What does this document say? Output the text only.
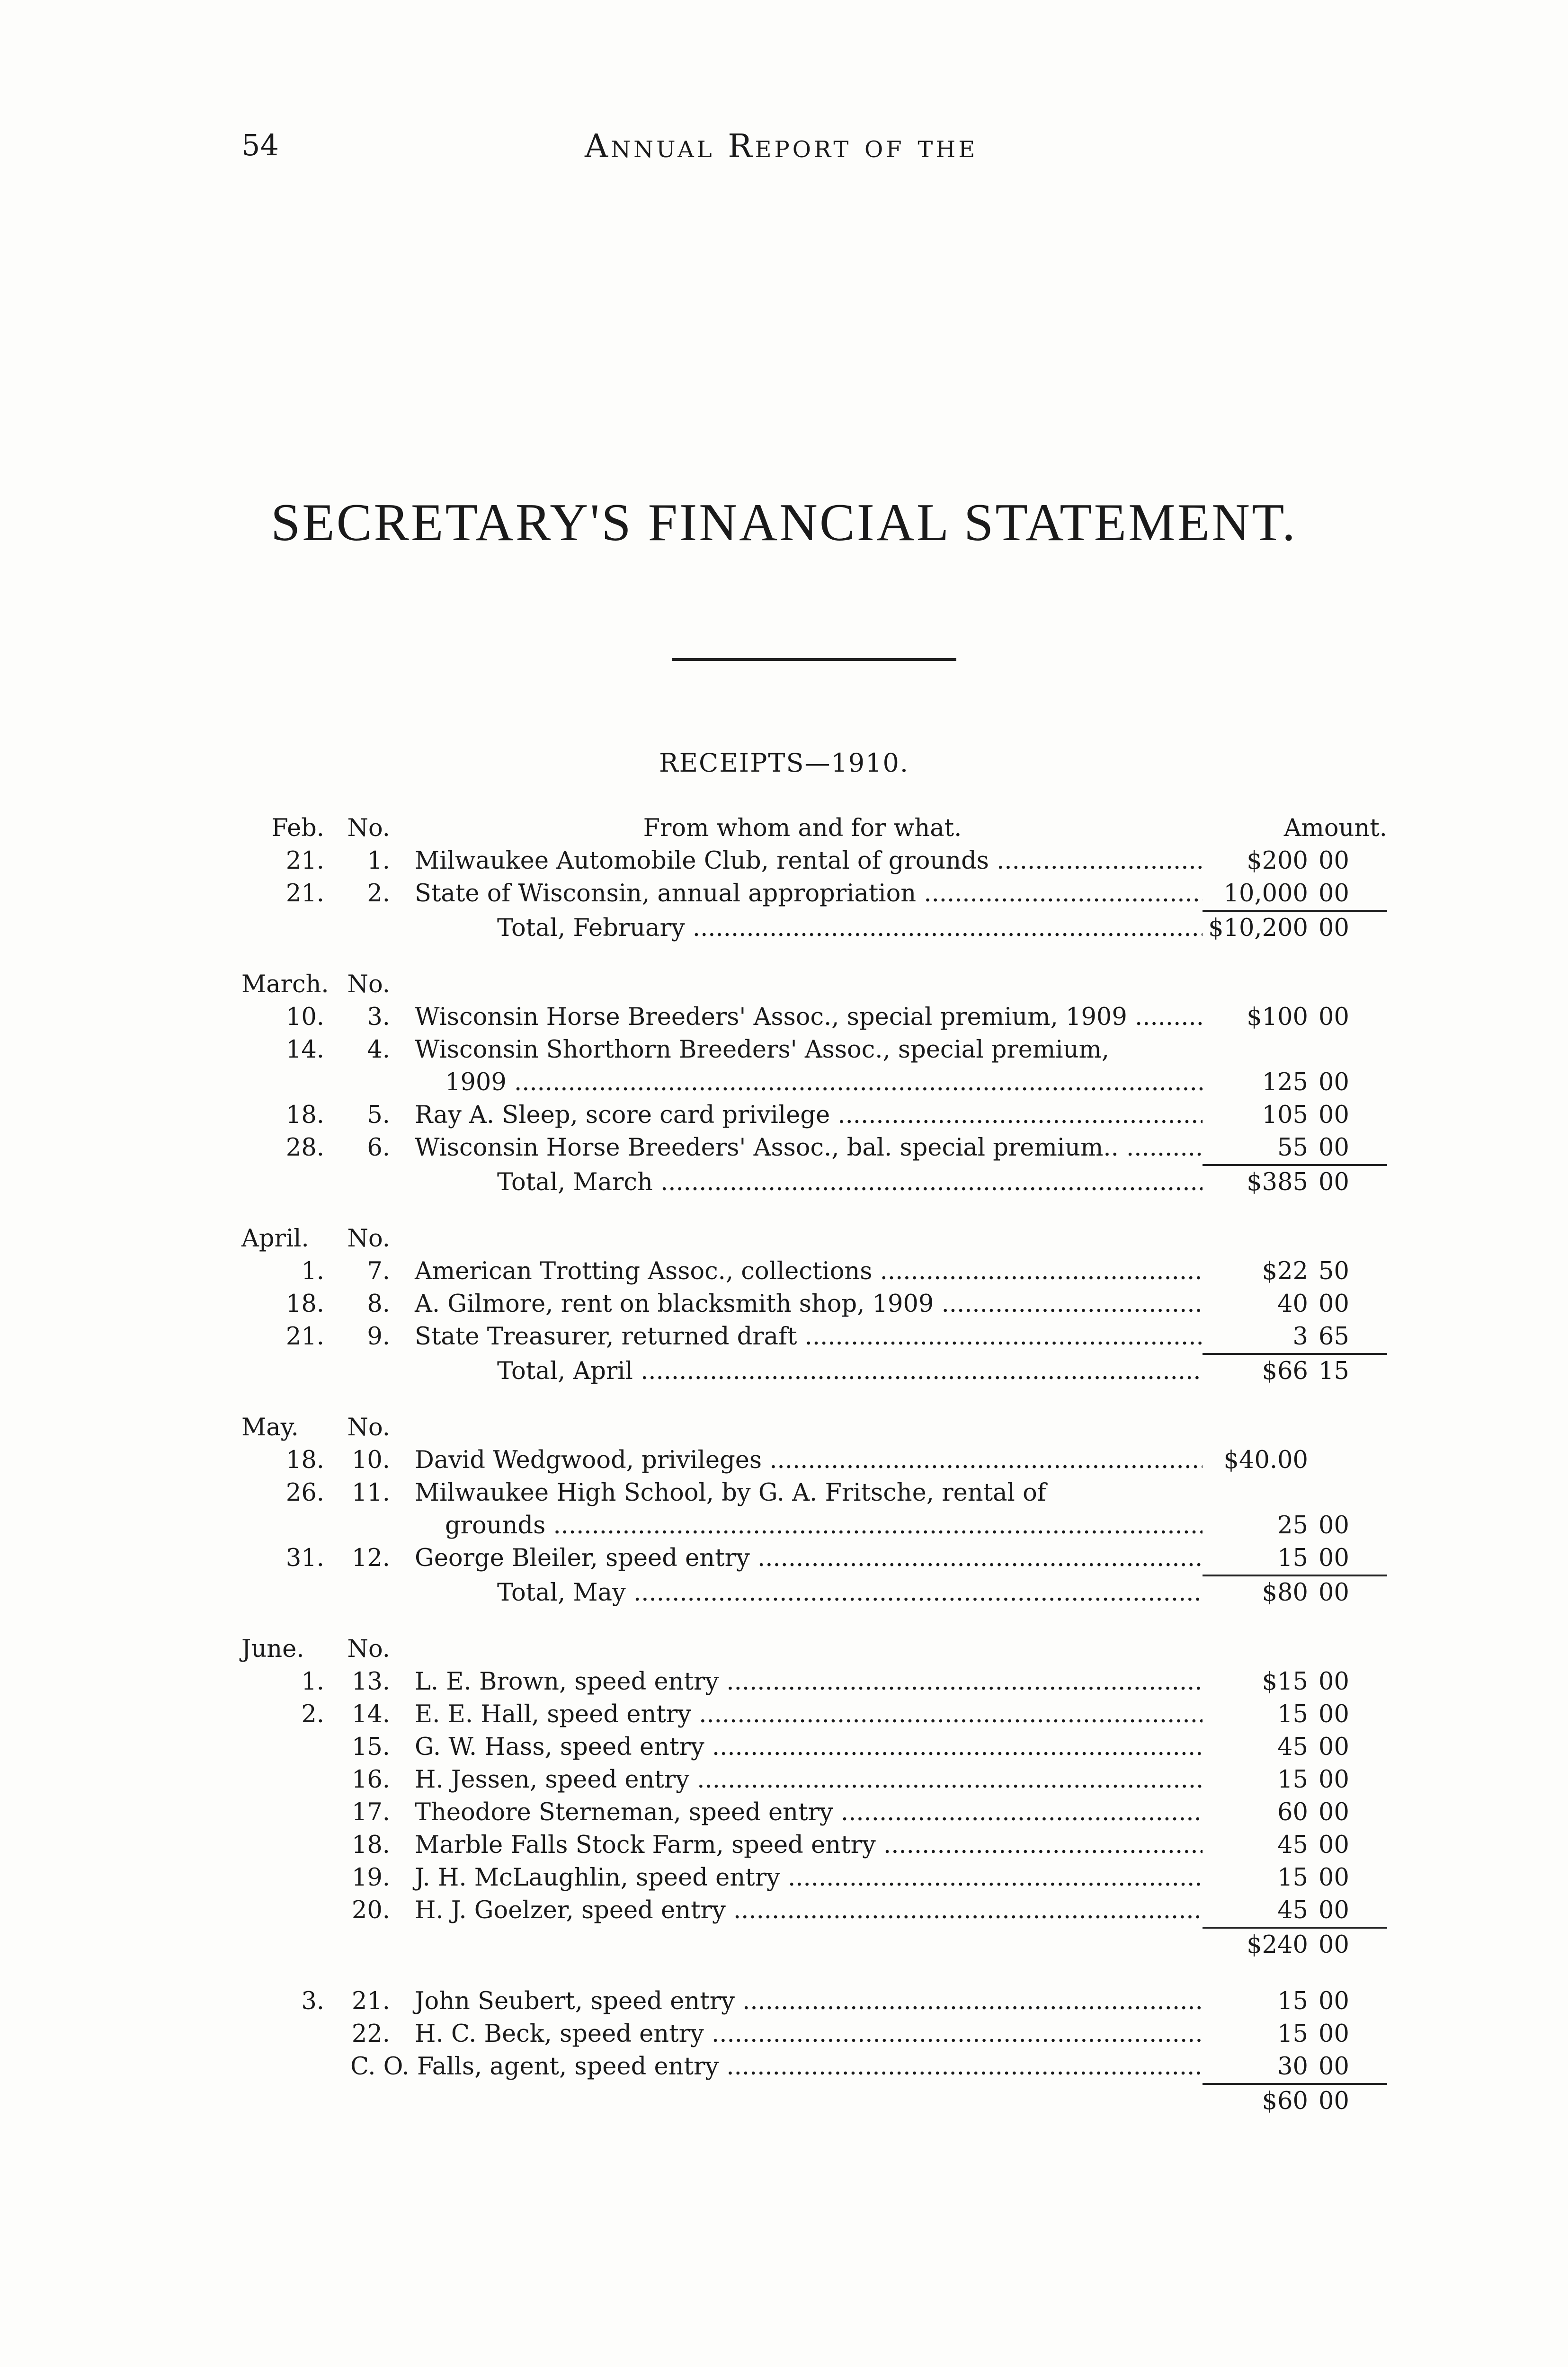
54	Annual Report of the
SECRETARY'S FINANCIAL STATEMENT.
RECEIPTS—1910.
Feb.	No.	From whom and for what.	Amount.	
21.	1.	Milwaukee Automobile Club, rental of grounds .....	$200	00
21.	2.	State of Wisconsin, annual appropriation .....	10,000	00

		Total, February .....	$10,200	00

March.	No.			
10.	3.	Wisconsin Horse Breeders' Assoc., special premium, 1909 .....	$100	00
14.	4.	Wisconsin Shorthorn Breeders' Assoc., special premium,		
		1909 .....	125	00
18.	5.	Ray A. Sleep, score card privilege .....	105	00
28.	6.	Wisconsin Horse Breeders' Assoc., bal. special premium.. .....	55	00

		Total, March .....	$385	00

April.	No.			
1.	7.	American Trotting Assoc., collections .....	$22	50
18.	8.	A. Gilmore, rent on blacksmith shop, 1909 .....	40	00
21.	9.	State Treasurer, returned draft .....	3	65

		Total, April .....	$66	15

May.	No.			
18.	10.	David Wedgwood, privileges .....	$40.00	
26.	11.	Milwaukee High School, by G. A. Fritsche, rental of		
		grounds .....	25	00
31.	12.	George Bleiler, speed entry .....	15	00

		Total, May .....	$80	00

June.	No.			
1.	13.	L. E. Brown, speed entry .....	$15	00
2.	14.	E. E. Hall, speed entry .....	15	00
	15.	G. W. Hass, speed entry .....	45	00
	16.	H. Jessen, speed entry .....	15	00
	17.	Theodore Sterneman, speed entry .....	60	00
	18.	Marble Falls Stock Farm, speed entry .....	45	00
	19.	J. H. McLaughlin, speed entry .....	15	00
	20.	H. J. Goelzer, speed entry .....	45	00

			$240	00

3.	21.	John Seubert, speed entry .....	15	00
	22.	H. C. Beck, speed entry .....	15	00
C. O. Falls, agent, speed entry .....			30	00

			$60	00
